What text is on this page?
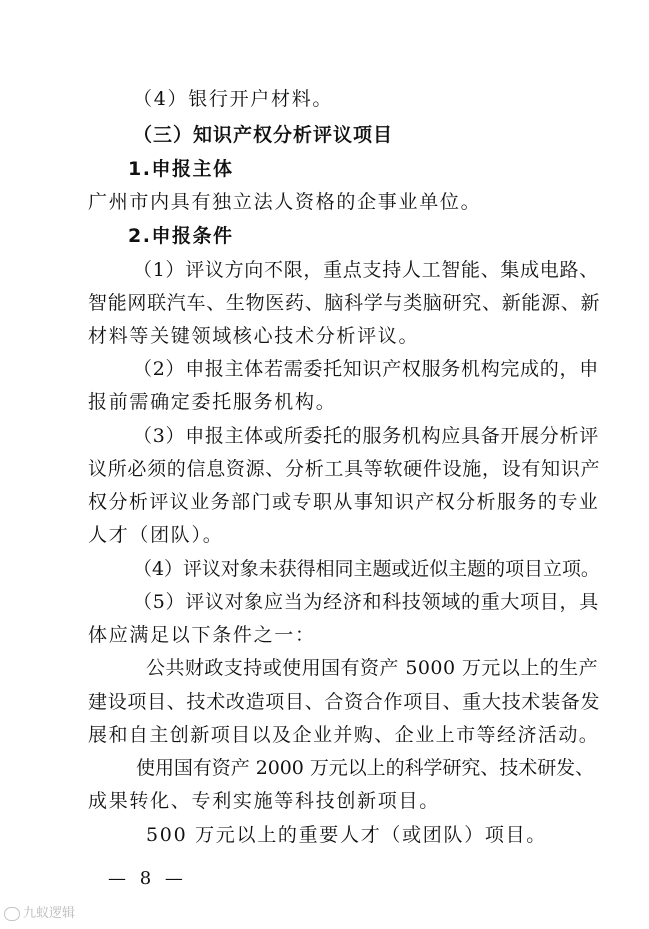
（4）银行开户材料。
（三）知识产权分析评议项目
1.申报主体
广州市内具有独立法人资格的企事业单位。
2.申报条件
（1）评议方向不限，重点支持人工智能、集成电路、
智能网联汽车、生物医药、脑科学与类脑研究、新能源、新
材料等关键领域核心技术分析评议。
（2）申报主体若需委托知识产权服务机构完成的，申
报前需确定委托服务机构。
（3）申报主体或所委托的服务机构应具备开展分析评
议所必须的信息资源、分析工具等软硬件设施，设有知识产
权分析评议业务部门或专职从事知识产权分析服务的专业
人才（团队）。
（4）评议对象未获得相同主题或近似主题的项目立项。
（5）评议对象应当为经济和科技领域的重大项目，具
体应满足以下条件之一：
公共财政支持或使用国有资产 5000 万元以上的生产
建设项目、技术改造项目、合资合作项目、重大技术装备发
展和自主创新项目以及企业并购、企业上市等经济活动。
使用国有资产 2000 万元以上的科学研究、技术研发、
成果转化、专利实施等科技创新项目。
500 万元以上的重要人才（或团队）项目。
— 8 —
九蚁逻辑
